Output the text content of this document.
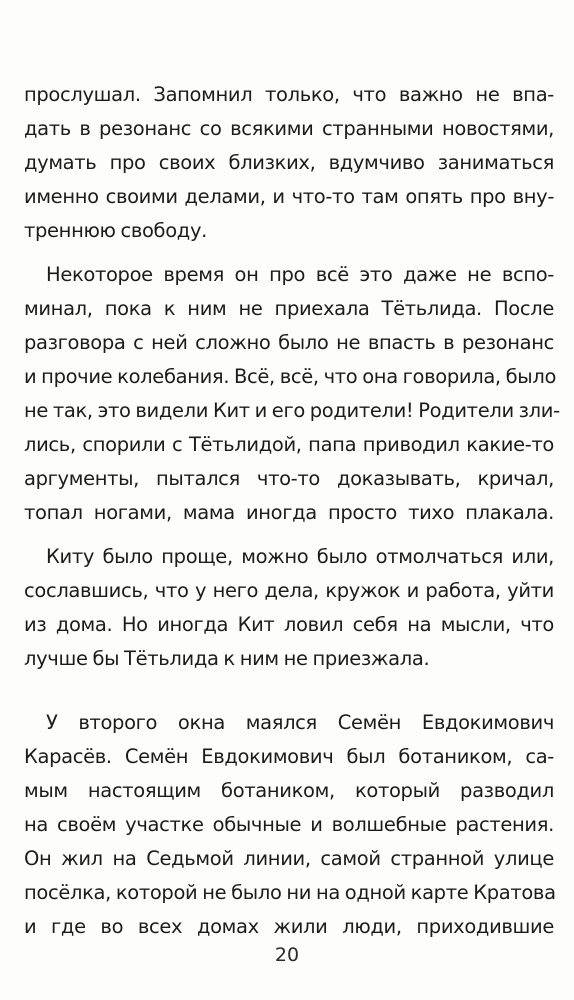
прослушал. Запомнил только, что важно не впа-
дать в резонанс со всякими странными новостями,
думать про своих близких, вдумчиво заниматься
именно своими делами, и что-то там опять про вну-
треннюю свободу.
Некоторое время он про всё это даже не вспо-
минал, пока к ним не приехала Тётьлида. После
разговора с ней сложно было не впасть в резонанс
и прочие колебания. Всё, всё, что она говорила, было
не так, это видели Кит и его родители! Родители зли-
лись, спорили с Тётьлидой, папа приводил какие-то
аргументы, пытался что-то доказывать, кричал,
топал ногами, мама иногда просто тихо плакала.
Киту было проще, можно было отмолчаться или,
сославшись, что у него дела, кружок и работа, уйти
из дома. Но иногда Кит ловил себя на мысли, что
лучше бы Тётьлида к ним не приезжала.
У второго окна маялся Семён Евдокимович
Карасёв. Семён Евдокимович был ботаником, са-
мым настоящим ботаником, который разводил
на своём участке обычные и волшебные растения.
Он жил на Седьмой линии, самой странной улице
посёлка, которой не было ни на одной карте Кратова
и где во всех домах жили люди, приходившие
20
